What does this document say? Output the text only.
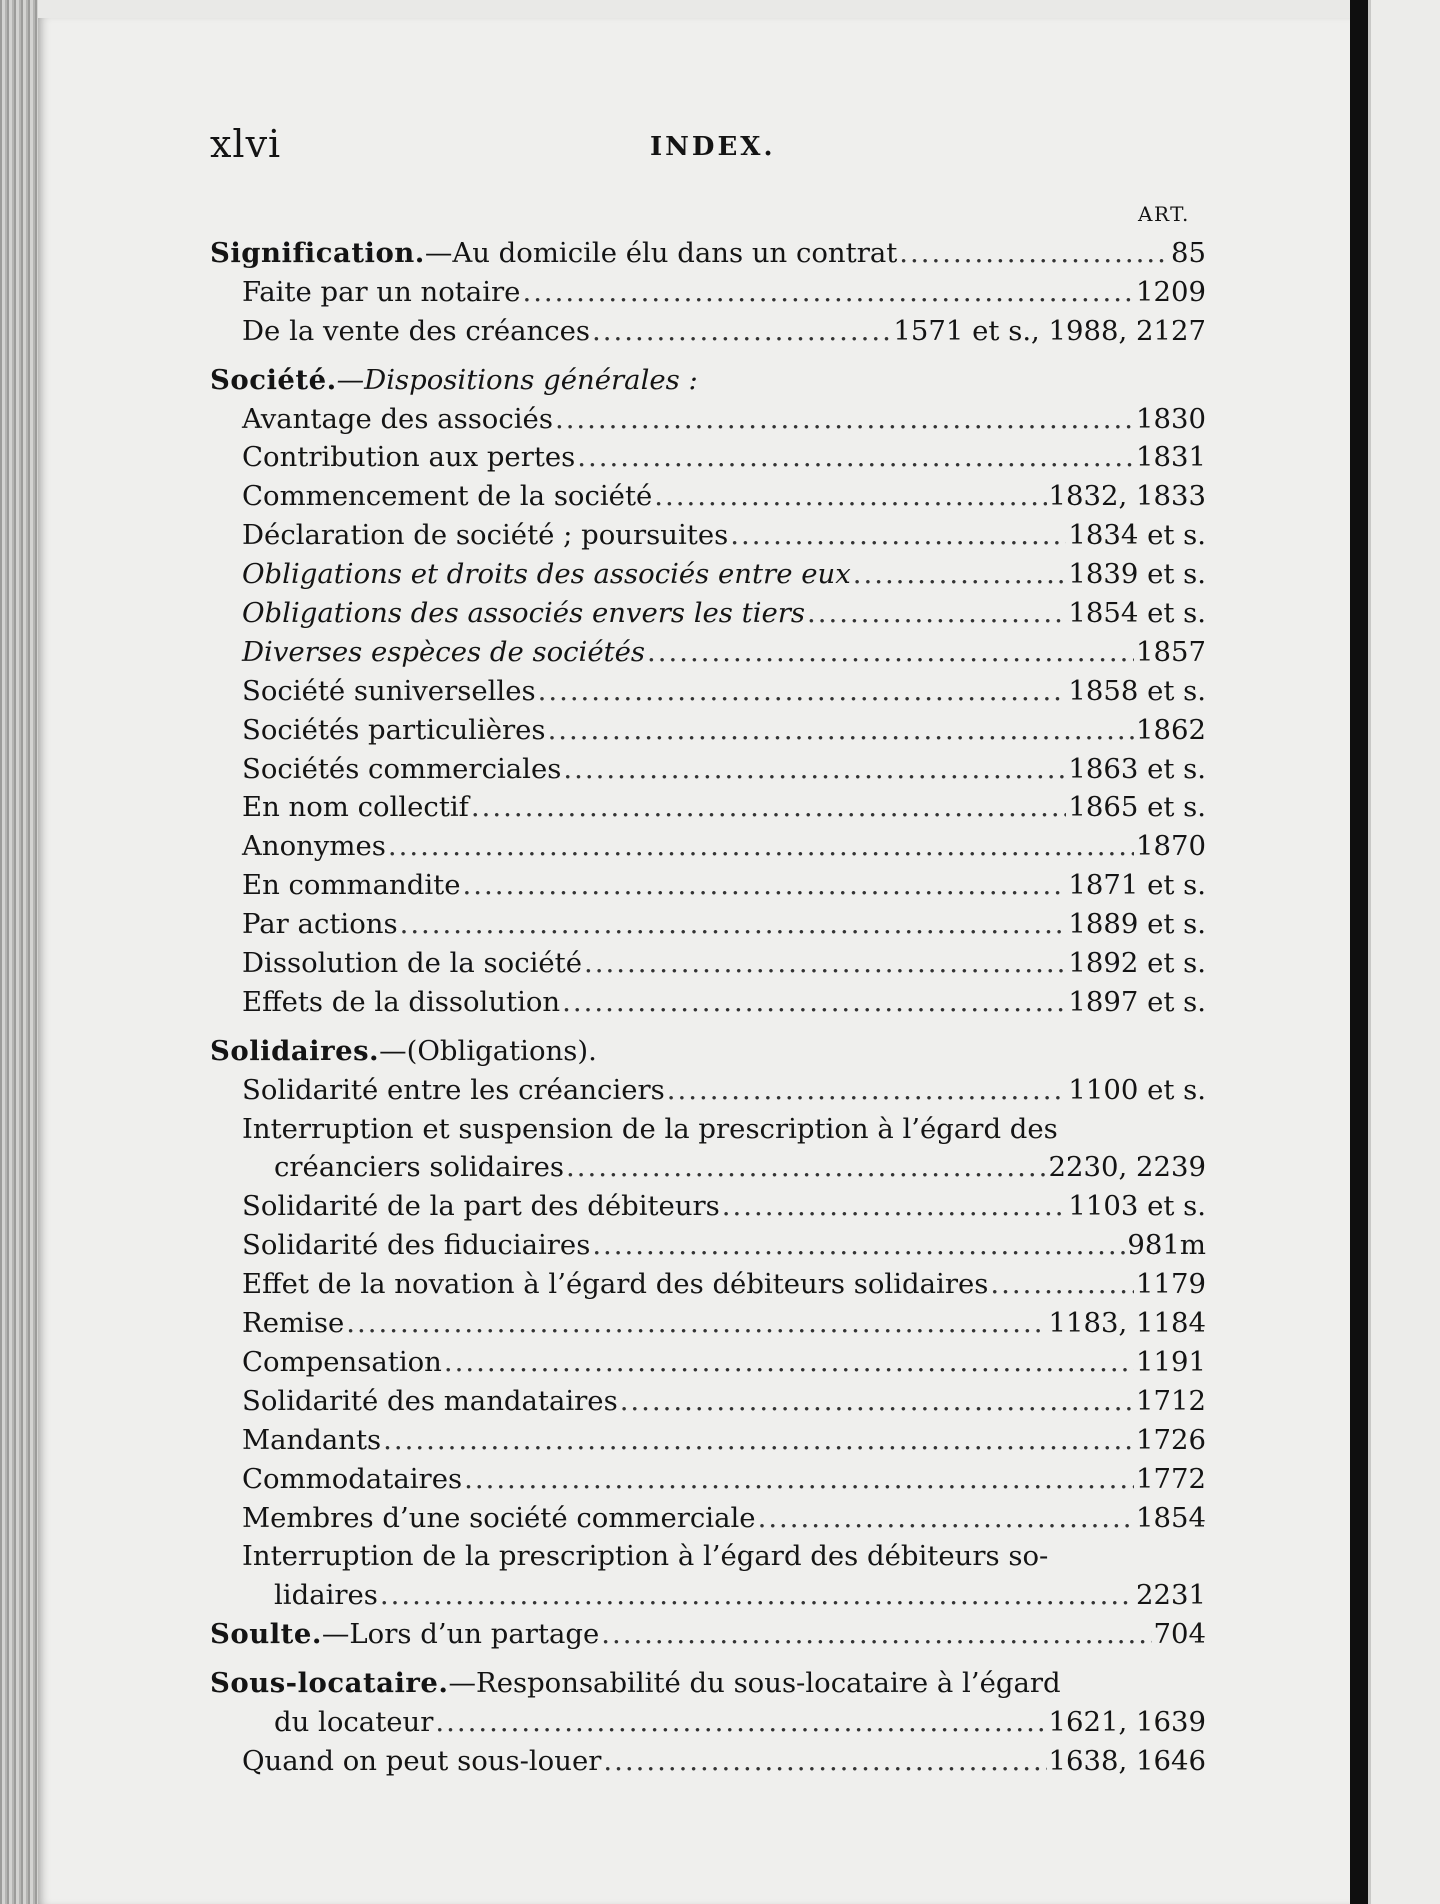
xlvi	INDEX.
ART.
Signification. —Au domicile élu dans un contrat .....	85
Faite par un notaire .....	1209
De la vente des créances .....	1571 et s., 1988, 2127
Société. —Dispositions générales :
Avantage des associés .....	1830
Contribution aux pertes .....	1831
Commencement de la société .....	1832, 1833
Déclaration de société ; poursuites .....	1834 et s.
Obligations et droits des associés entre eux .....	1839 et s.
Obligations des associés envers les tiers .....	1854 et s.
Diverses espèces de sociétés .....	1857
Société suniverselles .....	1858 et s.
Sociétés particulières .....	1862
Sociétés commerciales .....	1863 et s.
En nom collectif .....	1865 et s.
Anonymes .....	1870
En commandite .....	1871 et s.
Par actions .....	1889 et s.
Dissolution de la société .....	1892 et s.
Effets de la dissolution .....	1897 et s.
Solidaires. —(Obligations).
Solidarité entre les créanciers .....	1100 et s.
Interruption et suspension de la prescription à l’égard des
créanciers solidaires .....	2230, 2239
Solidarité de la part des débiteurs .....	1103 et s.
Solidarité des fiduciaires .....	981m
Effet de la novation à l’égard des débiteurs solidaires .....	1179
Remise .....	1183, 1184
Compensation .....	1191
Solidarité des mandataires .....	1712
Mandants .....	1726
Commodataires .....	1772
Membres d’une société commerciale .....	1854
Interruption de la prescription à l’égard des débiteurs so-
lidaires .....	2231
Soulte. —Lors d’un partage .....	704
Sous-locataire. —Responsabilité du sous-locataire à l’égard
du locateur .....	1621, 1639
Quand on peut sous-louer .....	1638, 1646
